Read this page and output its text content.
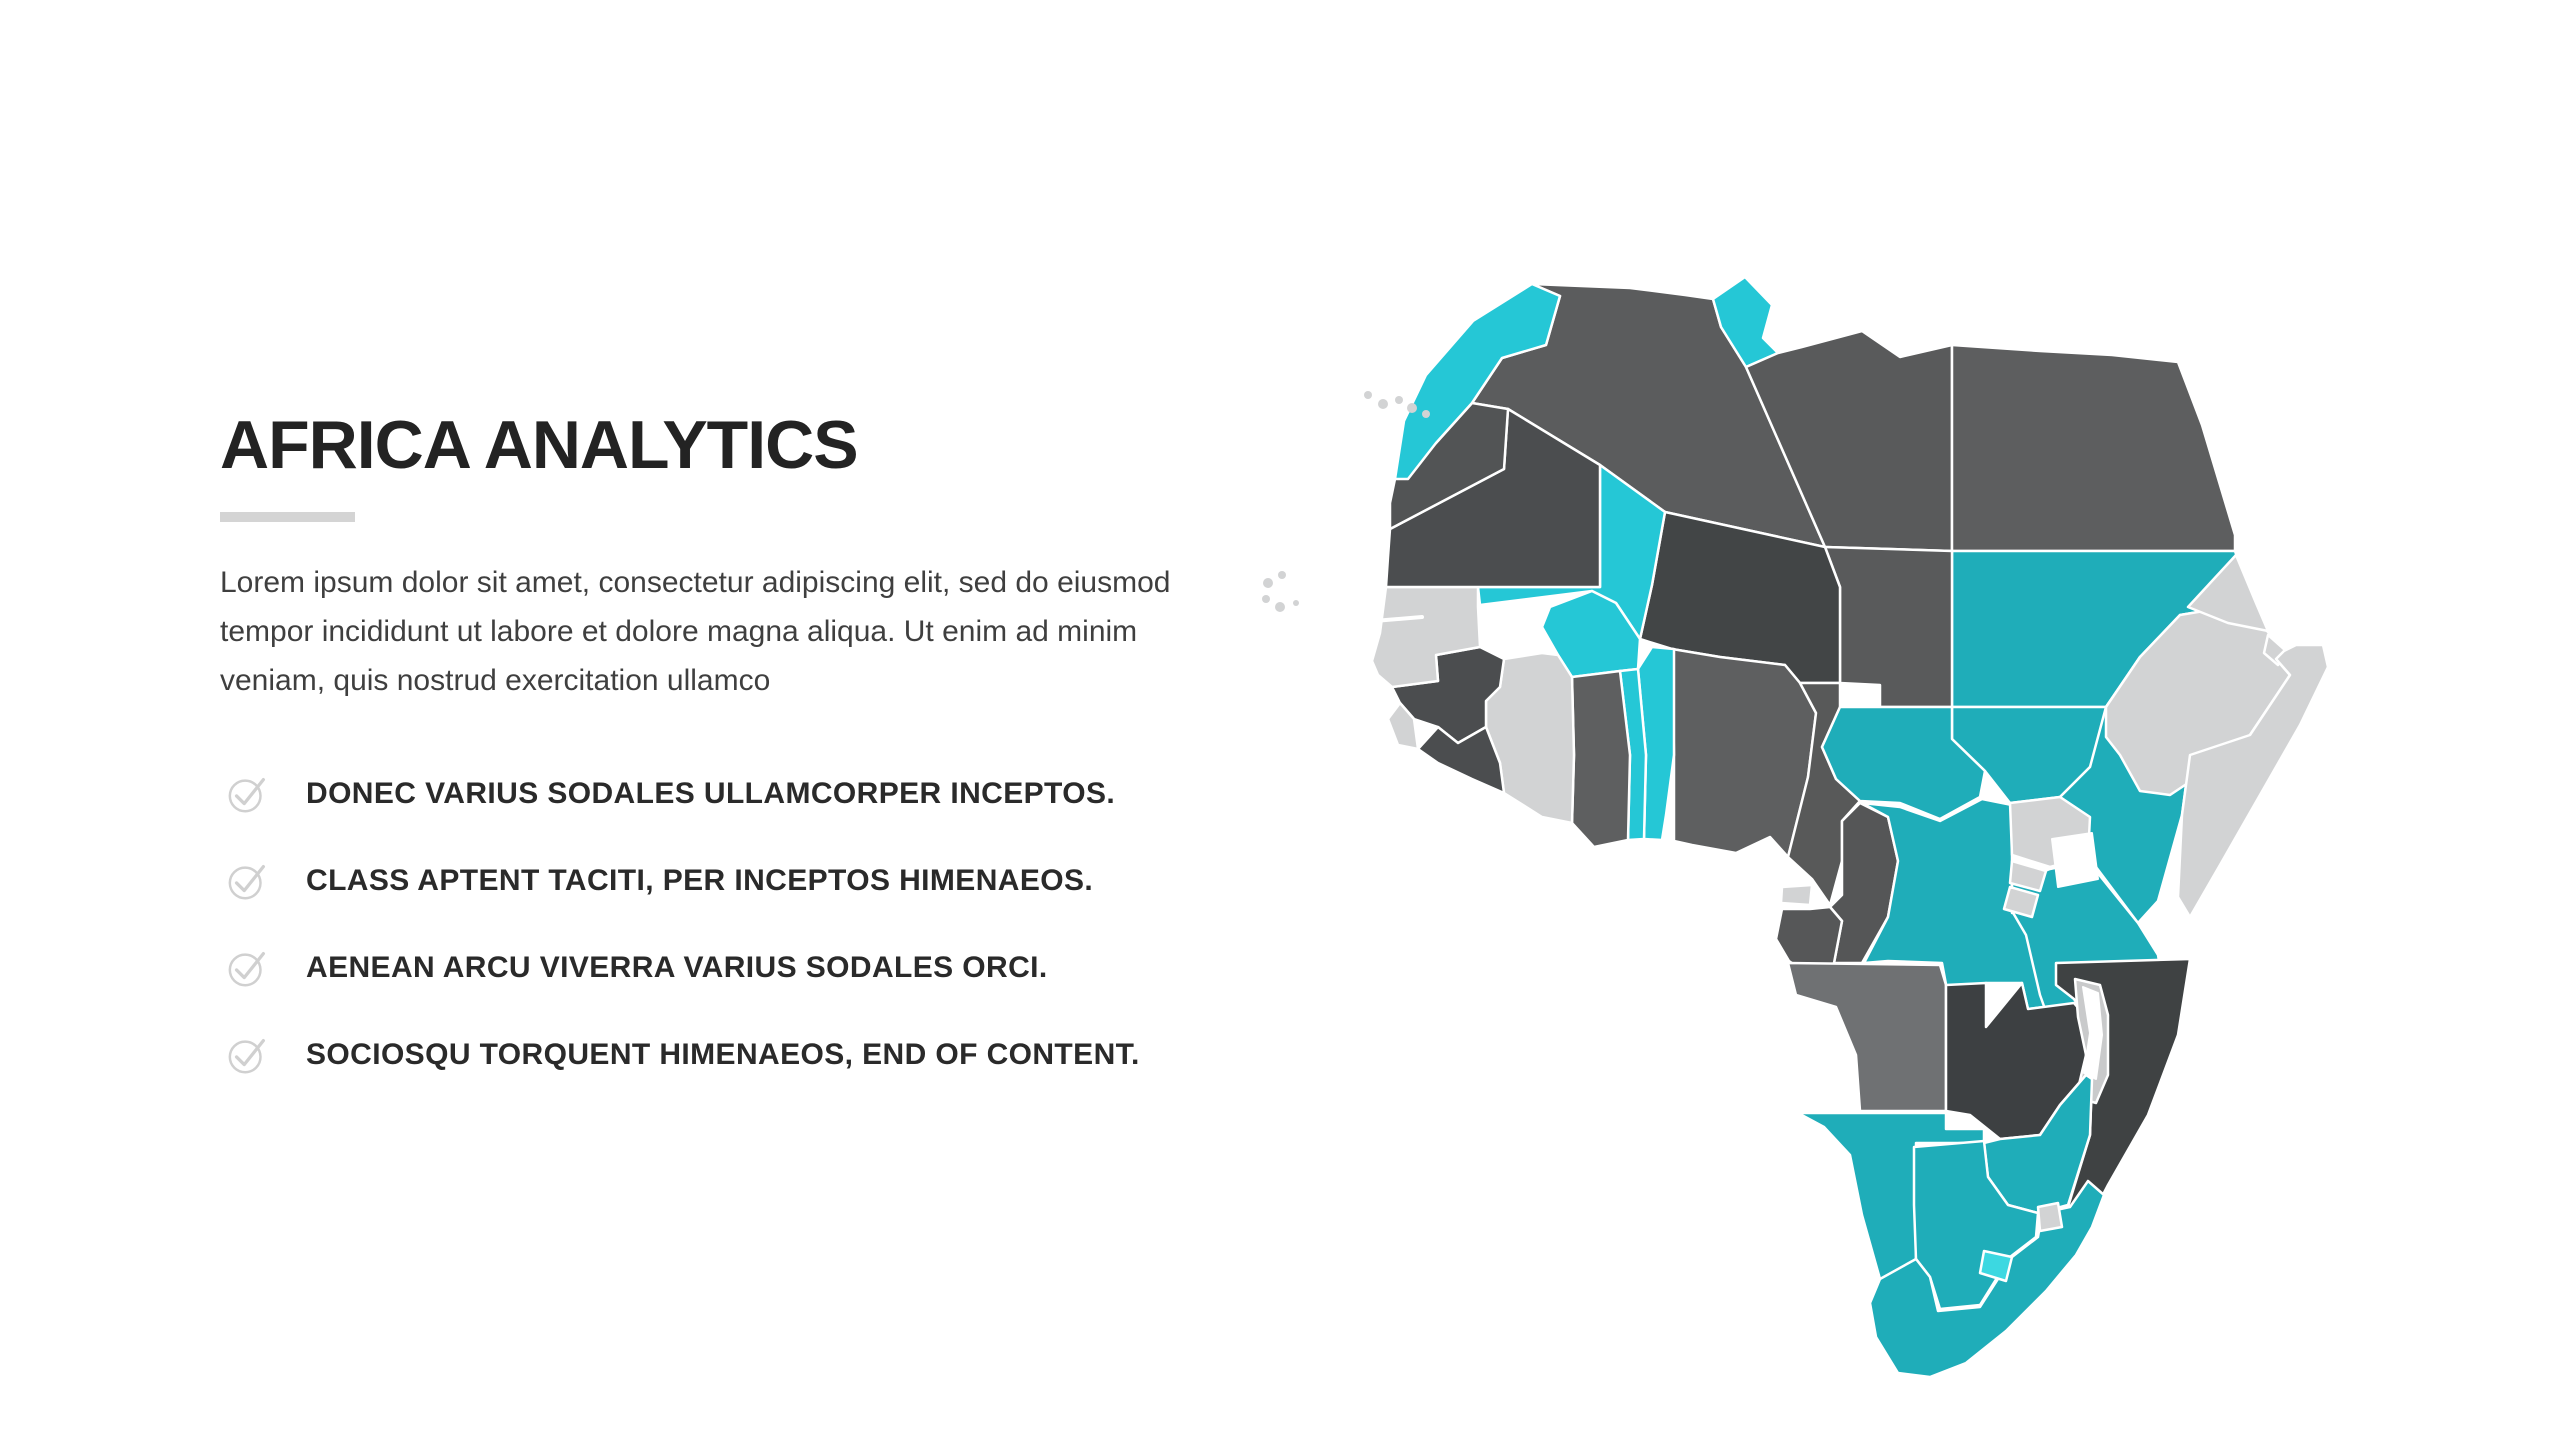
AFRICA ANALYTICS

Lorem ipsum dolor sit amet, consectetur adipiscing elit, sed do eiusmod
tempor incididunt ut labore et dolore magna aliqua. Ut enim ad minim
veniam, quis nostrud exercitation ullamco

DONEC VARIUS SODALES ULLAMCORPER INCEPTOS.
CLASS APTENT TACITI, PER INCEPTOS HIMENAEOS.
AENEAN ARCU VIVERRA VARIUS SODALES ORCI.
SOCIOSQU TORQUENT HIMENAEOS, END OF CONTENT.
